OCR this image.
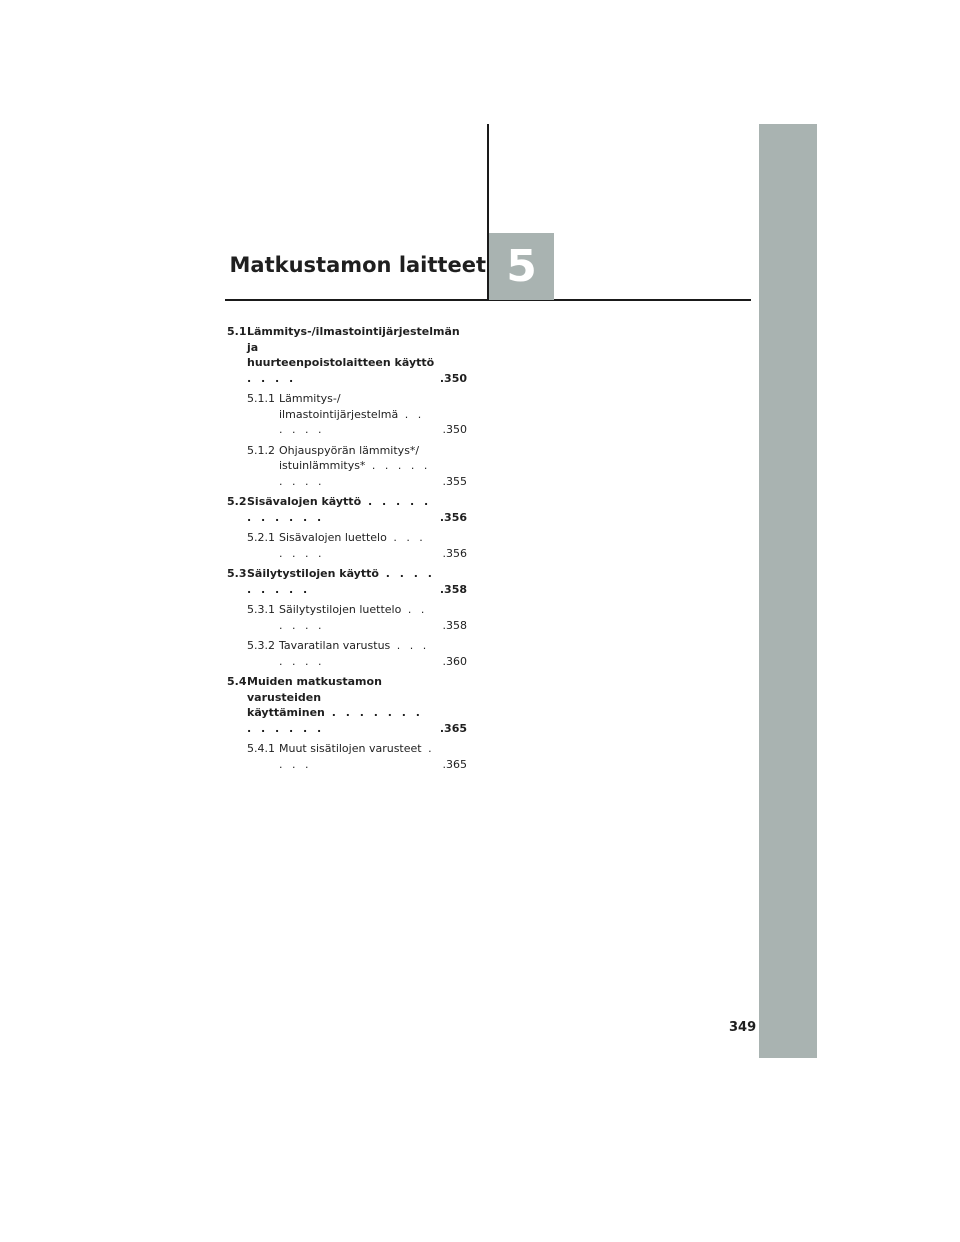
Matkustamon laitteet 5
5.1 Lämmitys-/ilmastointijärjestelmän ja
huurteenpoistolaitteen käyttö . . . .	.350
5.1.1 Lämmitys-/
ilmastointijärjestelmä . . . . . .	.350
5.1.2 Ohjauspyörän lämmitys*/
istuinlämmitys* . . . . . . . . .	.355
5.2 Sisävalojen käyttö . . . . . . . . . . .	.356
5.2.1 Sisävalojen luettelo . . . . . . .	.356
5.3 Säilytystilojen käyttö . . . . . . . . .	.358
5.3.1 Säilytystilojen luettelo . . . . . .	.358
5.3.2 Tavaratilan varustus . . . . . . .	.360
5.4 Muiden matkustamon varusteiden
käyttäminen . . . . . . . . . . . . .	.365
5.4.1 Muut sisätilojen varusteet . . . .	.365
349
